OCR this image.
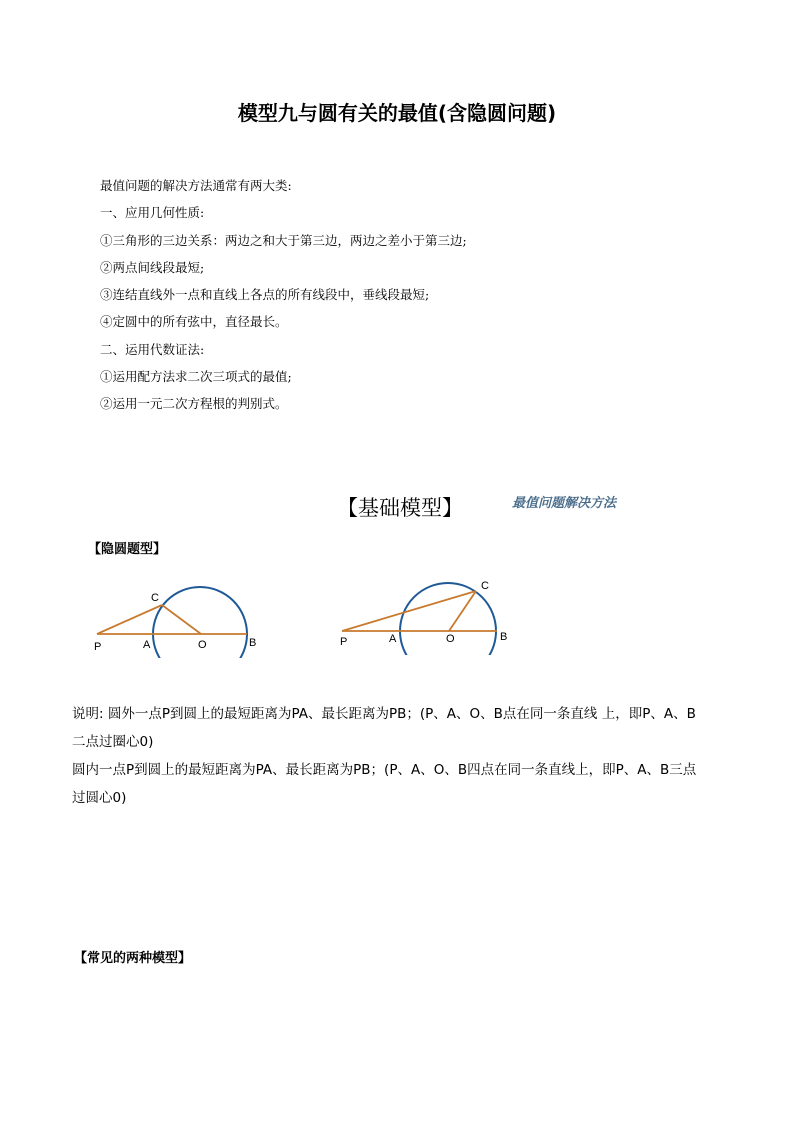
模型九与圆有关的最值(含隐圆问题)
最值问题的解决方法通常有两大类:
一、应用几何性质:
①三角形的三边关系：两边之和大于第三边，两边之差小于第三边;
②两点间线段最短;
③连结直线外一点和直线上各点的所有线段中，垂线段最短;
④定圆中的所有弦中，直径最长。
二、运用代数证法:
①运用配方法求二次三项式的最值;
②运用一元二次方程根的判别式。
【基础模型】	最值问题解决方法
【隐圆题型】
C
P	A	O	B
C
P	A	O	B
说明: 圆外一点P到圆上的最短距离为PA、最长距离为PB；(P、A、O、B点在同一条直线 上，即P、A、B
二点过圈心0)
圆内一点P到圆上的最短距离为PA、最长距离为PB；(P、A、O、B四点在同一条直线上，即P、A、B三点
过圆心0)
【常见的两种模型】
